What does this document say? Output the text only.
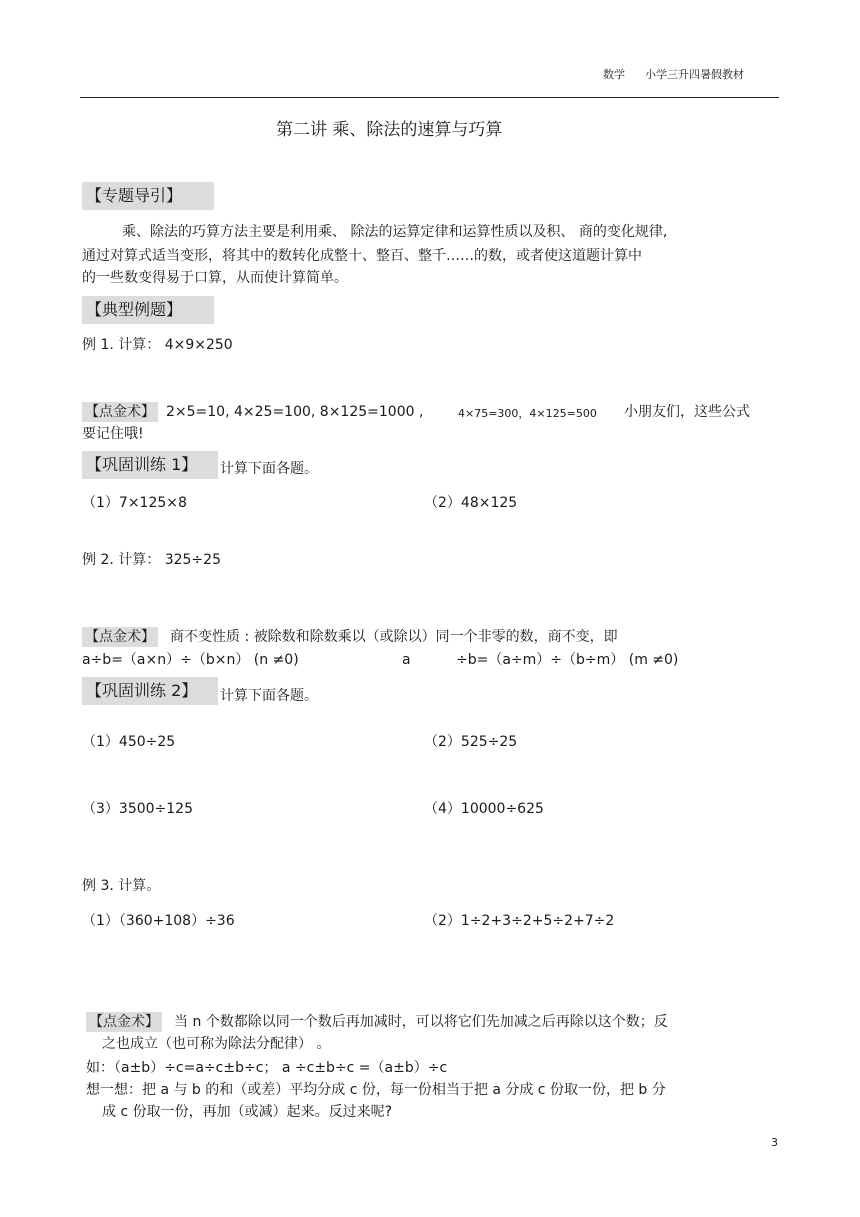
数学 小学三升四暑假教材
第二讲 乘、除法的速算与巧算
【专题导引】
乘、除法的巧算方法主要是利用乘、 除法的运算定律和运算性质以及积、 商的变化规律,
通过对算式适当变形，将其中的数转化成整十、整百、整千……的数，或者使这道题计算中
的一些数变得易于口算，从而使计算简单。
【典型例题】
例 1. 计算： 4×9×250
【点金术】 2×5=10, 4×25=100, 8×125=1000 ,	4×75=300，4×125=500 小朋友们，这些公式
要记住哦!
【巩固训练 1】	计算下面各题。
（1）7×125×8	（2）48×125
例 2. 计算： 325÷25
【点金术】 商不变性质 : 被除数和除数乘以（或除以）同一个非零的数，商不变，即
a÷b=（a×n）÷（b×n） (n ≠0)	a	÷b=（a÷m）÷（b÷m） (m ≠0)
【巩固训练 2】	计算下面各题。
（1）450÷25	（2）525÷25
（3）3500÷125	（4）10000÷625
例 3. 计算。
（1）（360+108）÷36	（2）1÷2+3÷2+5÷2+7÷2
【点金术】 当 n 个数都除以同一个数后再加减时，可以将它们先加减之后再除以这个数；反
之也成立（也可称为除法分配律） 。
如：（a±b）÷c=a÷c±b÷c； a ÷c±b÷c =（a±b）÷c
想一想：把 a 与 b 的和（或差）平均分成 c 份，每一份相当于把 a 分成 c 份取一份，把 b 分
成 c 份取一份，再加（或减）起来。反过来呢?
3
